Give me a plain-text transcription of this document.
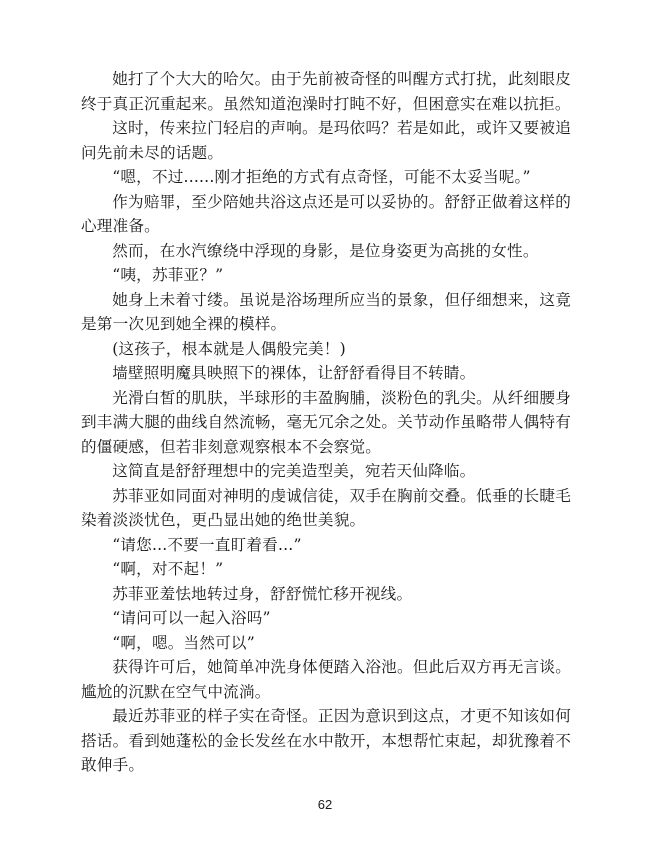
她打了个大大的哈欠。由于先前被奇怪的叫醒方式打扰，此刻眼皮终于真正沉重起来。虽然知道泡澡时打盹不好，但困意实在难以抗拒。

这时，传来拉门轻启的声响。是玛依吗？若是如此，或许又要被追问先前未尽的话题。

“嗯，不过......刚才拒绝的方式有点奇怪，可能不太妥当呢。”

作为赔罪，至少陪她共浴这点还是可以妥协的。舒舒正做着这样的心理准备。

然而，在水汽缭绕中浮现的身影，是位身姿更为高挑的女性。

“咦，苏菲亚？”

她身上未着寸缕。虽说是浴场理所应当的景象，但仔细想来，这竟是第一次见到她全裸的模样。

(这孩子，根本就是人偶般完美！)

墙壁照明魔具映照下的裸体，让舒舒看得目不转睛。

光滑白皙的肌肤，半球形的丰盈胸脯，淡粉色的乳尖。从纤细腰身到丰满大腿的曲线自然流畅，毫无冗余之处。关节动作虽略带人偶特有的僵硬感，但若非刻意观察根本不会察觉。

这简直是舒舒理想中的完美造型美，宛若天仙降临。

苏菲亚如同面对神明的虔诚信徒，双手在胸前交叠。低垂的长睫毛染着淡淡忧色，更凸显出她的绝世美貌。

“请您...不要一直盯着看...”

“啊，对不起！”

苏菲亚羞怯地转过身，舒舒慌忙移开视线。

“请问可以一起入浴吗”

“啊，嗯。当然可以”

获得许可后，她简单冲洗身体便踏入浴池。但此后双方再无言谈。尴尬的沉默在空气中流淌。

最近苏菲亚的样子实在奇怪。正因为意识到这点，才更不知该如何搭话。看到她蓬松的金长发丝在水中散开，本想帮忙束起，却犹豫着不敢伸手。

62
